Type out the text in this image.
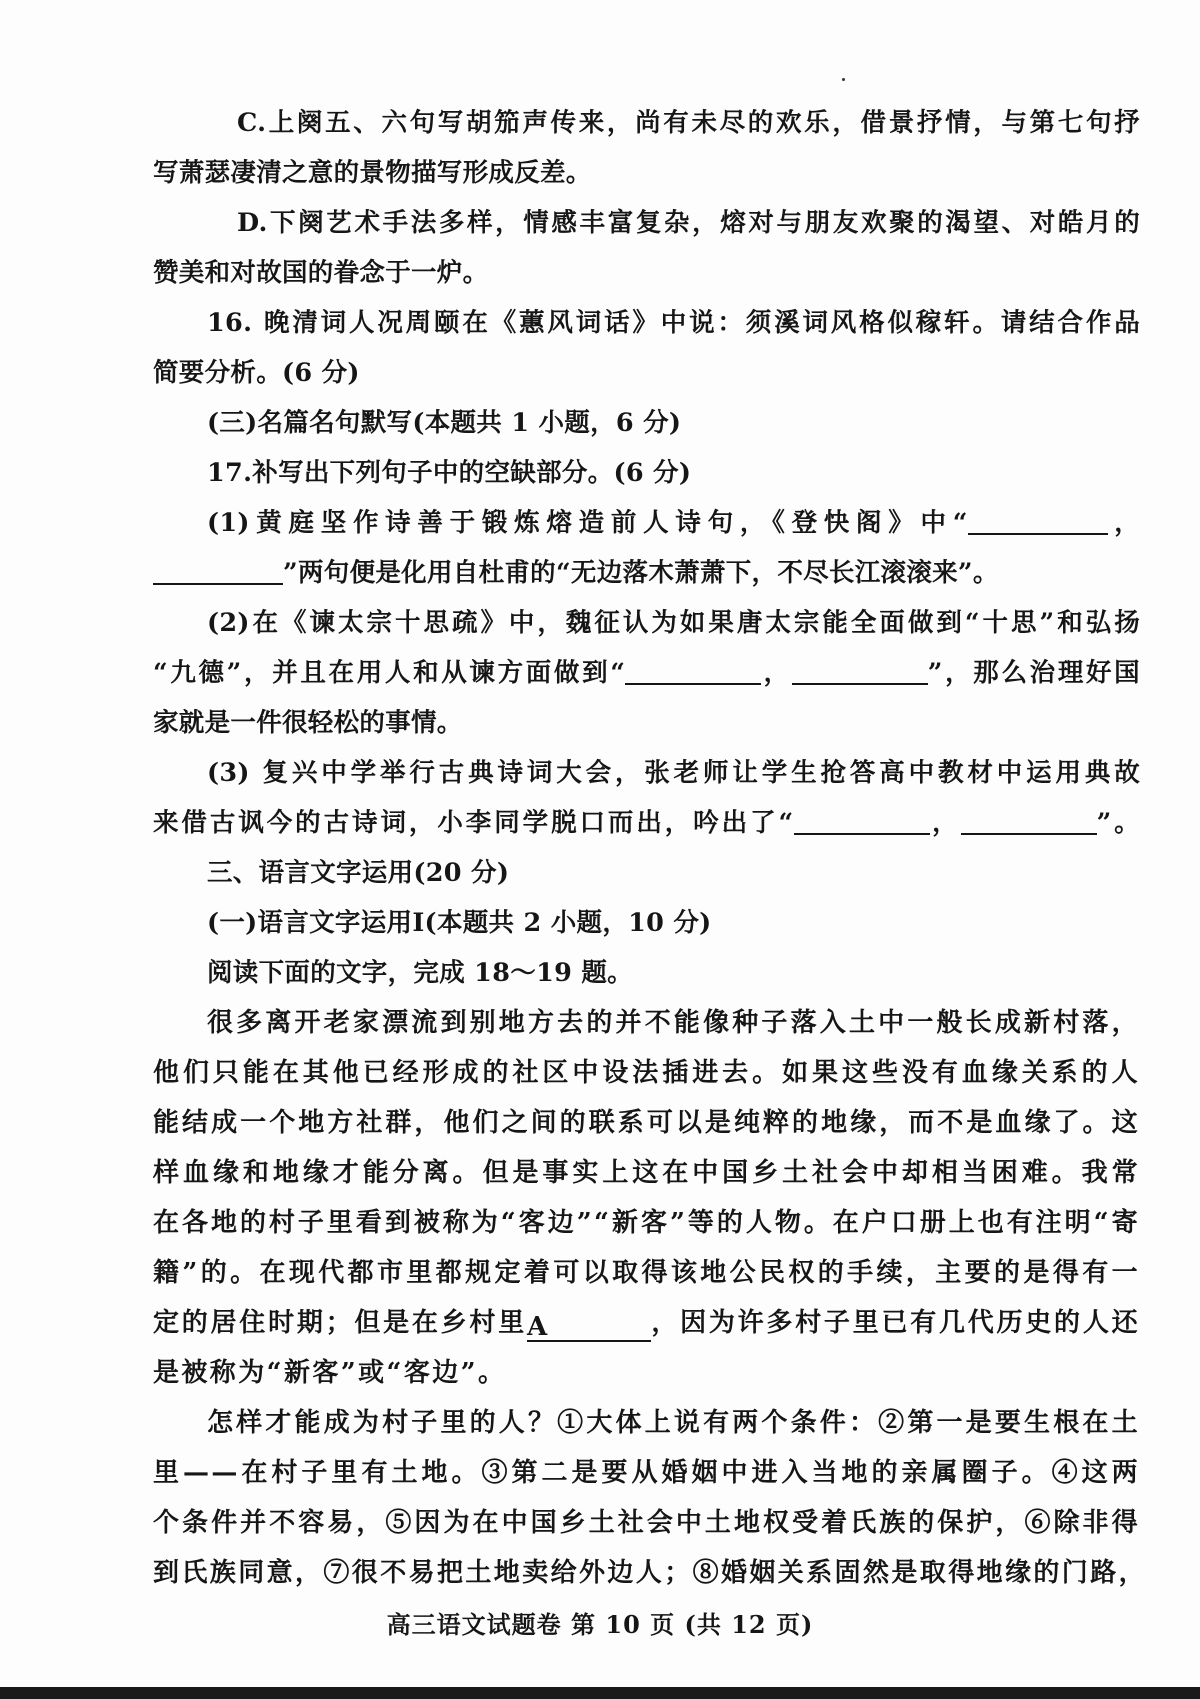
C.上阕五、六句写胡笳声传来，尚有未尽的欢乐，借景抒情，与第七句抒
写萧瑟凄清之意的景物描写形成反差。
D.下阕艺术手法多样，情感丰富复杂，熔对与朋友欢聚的渴望、对皓月的
赞美和对故国的眷念于一炉。
16. 晚清词人况周颐在《蕙风词话》中说：须溪词风格似稼轩。请结合作品
简要分析。(6 分)
(三)名篇名句默写(本题共 1 小题，6 分)
17.补写出下列句子中的空缺部分。(6 分)
(1)黄庭坚作诗善于锻炼熔造前人诗句，《登快阁》中“	，
”两句便是化用自杜甫的“无边落木萧萧下，不尽长江滚滚来”。
(2)在《谏太宗十思疏》中，魏征认为如果唐太宗能全面做到“十思”和弘扬
“九德”，并且在用人和从谏方面做到“	，	”，那么治理好国
家就是一件很轻松的事情。
(3) 复兴中学举行古典诗词大会，张老师让学生抢答高中教材中运用典故
来借古讽今的古诗词，小李同学脱口而出，吟出了“	，	”。
三、语言文字运用(20 分)
(一)语言文字运用Ⅰ(本题共 2 小题，10 分)
阅读下面的文字，完成 18～19 题。
很多离开老家漂流到别地方去的并不能像种子落入土中一般长成新村落，
他们只能在其他已经形成的社区中设法插进去。如果这些没有血缘关系的人
能结成一个地方社群，他们之间的联系可以是纯粹的地缘，而不是血缘了。这
样血缘和地缘才能分离。但是事实上这在中国乡土社会中却相当困难。我常
在各地的村子里看到被称为“客边”“新客”等的人物。在户口册上也有注明“寄
籍”的。在现代都市里都规定着可以取得该地公民权的手续，主要的是得有一
定的居住时期；但是在乡村里A	，因为许多村子里已有几代历史的人还
是被称为“新客”或“客边”。
怎样才能成为村子里的人？①大体上说有两个条件：②第一是要生根在土
里——在村子里有土地。③第二是要从婚姻中进入当地的亲属圈子。④这两
个条件并不容易，⑤因为在中国乡土社会中土地权受着氏族的保护，⑥除非得
到氏族同意，⑦很不易把土地卖给外边人；⑧婚姻关系固然是取得地缘的门路，
高三语文试题卷 第 10 页 (共 12 页)
